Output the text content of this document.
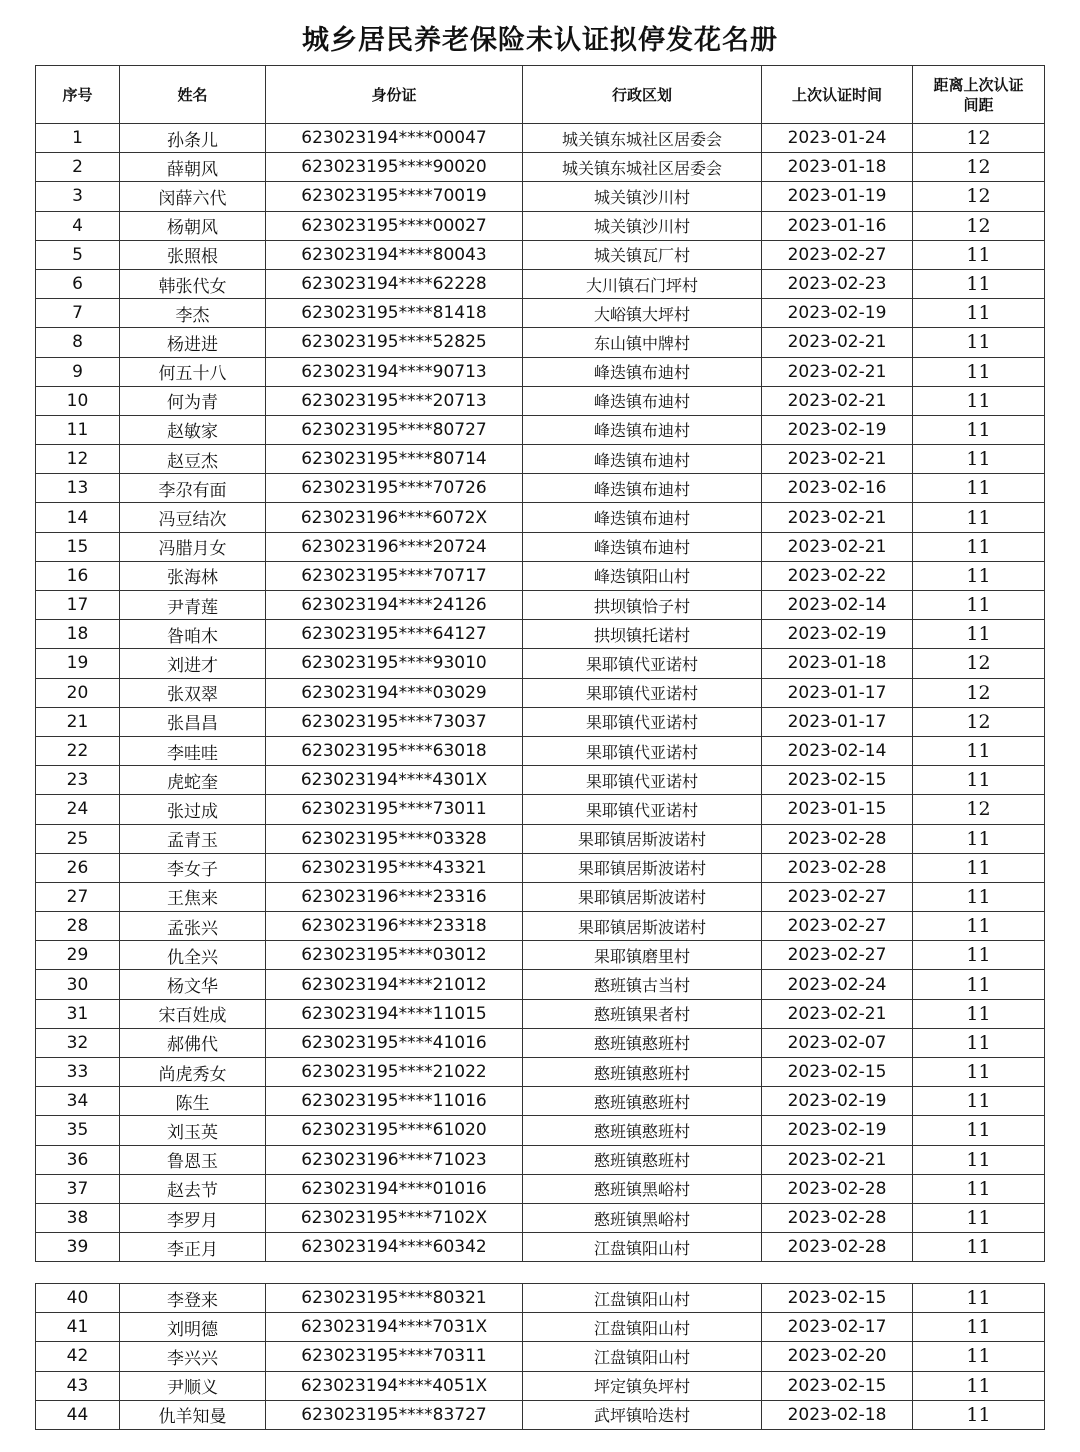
城乡居民养老保险未认证拟停发花名册
序号	姓名	身份证	行政区划	上次认证时间	距离上次认证间距
1	孙条儿	623023194****00047	城关镇东城社区居委会	2023-01-24	12
2	薛朝风	623023195****90020	城关镇东城社区居委会	2023-01-18	12
3	闵薛六代	623023195****70019	城关镇沙川村	2023-01-19	12
4	杨朝风	623023195****00027	城关镇沙川村	2023-01-16	12
5	张照根	623023194****80043	城关镇瓦厂村	2023-02-27	11
6	韩张代女	623023194****62228	大川镇石门坪村	2023-02-23	11
7	李杰	623023195****81418	大峪镇大坪村	2023-02-19	11
8	杨进进	623023195****52825	东山镇中牌村	2023-02-21	11
9	何五十八	623023194****90713	峰迭镇布迪村	2023-02-21	11
10	何为青	623023195****20713	峰迭镇布迪村	2023-02-21	11
11	赵敏家	623023195****80727	峰迭镇布迪村	2023-02-19	11
12	赵豆杰	623023195****80714	峰迭镇布迪村	2023-02-21	11
13	李尕有面	623023195****70726	峰迭镇布迪村	2023-02-16	11
14	冯豆结次	623023196****6072X	峰迭镇布迪村	2023-02-21	11
15	冯腊月女	623023196****20724	峰迭镇布迪村	2023-02-21	11
16	张海林	623023195****70717	峰迭镇阳山村	2023-02-22	11
17	尹青莲	623023194****24126	拱坝镇恰子村	2023-02-14	11
18	昝咱木	623023195****64127	拱坝镇托诺村	2023-02-19	11
19	刘进才	623023195****93010	果耶镇代亚诺村	2023-01-18	12
20	张双翠	623023194****03029	果耶镇代亚诺村	2023-01-17	12
21	张昌昌	623023195****73037	果耶镇代亚诺村	2023-01-17	12
22	李哇哇	623023195****63018	果耶镇代亚诺村	2023-02-14	11
23	虎蛇奎	623023194****4301X	果耶镇代亚诺村	2023-02-15	11
24	张过成	623023195****73011	果耶镇代亚诺村	2023-01-15	12
25	孟青玉	623023195****03328	果耶镇居斯波诺村	2023-02-28	11
26	李女子	623023195****43321	果耶镇居斯波诺村	2023-02-28	11
27	王焦来	623023196****23316	果耶镇居斯波诺村	2023-02-27	11
28	孟张兴	623023196****23318	果耶镇居斯波诺村	2023-02-27	11
29	仇全兴	623023195****03012	果耶镇磨里村	2023-02-27	11
30	杨文华	623023194****21012	憨班镇古当村	2023-02-24	11
31	宋百姓成	623023194****11015	憨班镇果者村	2023-02-21	11
32	郝佛代	623023195****41016	憨班镇憨班村	2023-02-07	11
33	尚虎秀女	623023195****21022	憨班镇憨班村	2023-02-15	11
34	陈生	623023195****11016	憨班镇憨班村	2023-02-19	11
35	刘玉英	623023195****61020	憨班镇憨班村	2023-02-19	11
36	鲁恩玉	623023196****71023	憨班镇憨班村	2023-02-21	11
37	赵去节	623023194****01016	憨班镇黑峪村	2023-02-28	11
38	李罗月	623023195****7102X	憨班镇黑峪村	2023-02-28	11
39	李正月	623023194****60342	江盘镇阳山村	2023-02-28	11
40	李登来	623023195****80321	江盘镇阳山村	2023-02-15	11
41	刘明德	623023194****7031X	江盘镇阳山村	2023-02-17	11
42	李兴兴	623023195****70311	江盘镇阳山村	2023-02-20	11
43	尹顺义	623023194****4051X	坪定镇奂坪村	2023-02-15	11
44	仇羊知曼	623023195****83727	武坪镇哈迭村	2023-02-18	11
